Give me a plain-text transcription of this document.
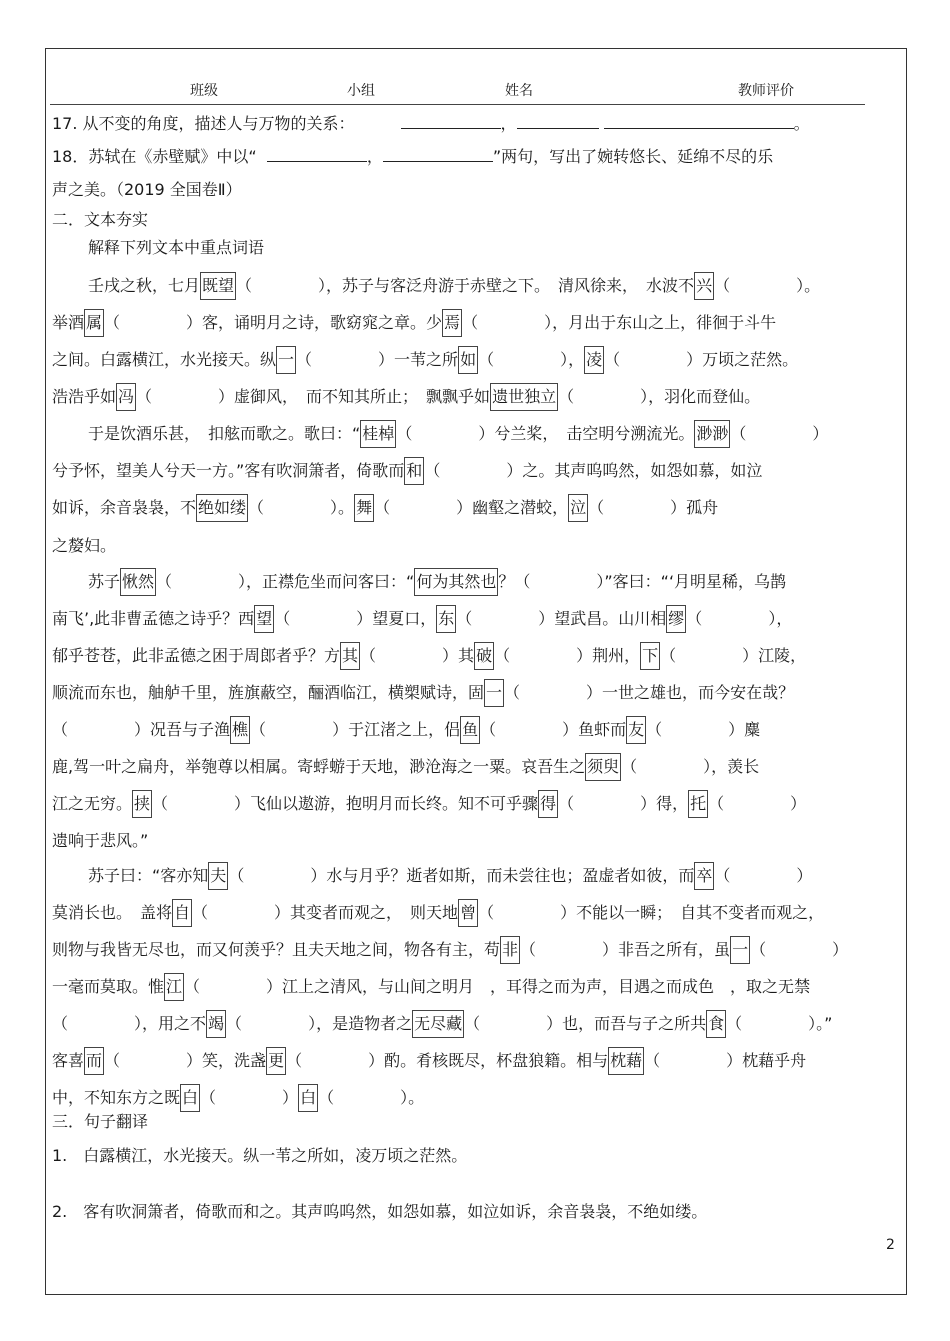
班级	小组	姓名	教师评价
17. 从不变的角度，描述人与万物的关系：	，	。
18．苏轼在《赤壁赋》中以“	，	”两句，写出了婉转悠长、延绵不尽的乐
声之美。（2019 全国卷Ⅱ）
二．文本夯实
解释下列文本中重点词语
壬戌之秋，七月 既望 （	），苏子与客泛舟游于赤壁之下。　清风徐来，　水波不 兴 （	）。
举酒 属 （	）客，诵明月之诗，歌窈窕之章。少 焉 （	），月出于东山之上，徘徊于斗牛
之间。白露横江，水光接天。纵 一 （	）一苇之所 如 （	）， 凌 （	）万顷之茫然。
浩浩乎如 冯 （	）虚御风，　而不知其所止；　飘飘乎如 遗世独立 （	），羽化而登仙。
于是饮酒乐甚，　扣舷而歌之。歌曰：“ 桂棹 （	）兮兰桨，　击空明兮溯流光。 渺渺 （	）
兮予怀，望美人兮天一方。”客有吹洞箫者，倚歌而 和 （	）之。其声呜呜然，如怨如慕，如泣
如诉，余音袅袅，不 绝如缕 （	）。 舞 （	）幽壑之潜蛟， 泣 （	）孤舟
之嫠妇。
苏子 愀然 （	），正襟危坐而问客曰：“ 何为其然也 ？（	）”客曰：“‘月明星稀，乌鹊
南飞’,此非曹孟德之诗乎？西 望 （	）望夏口， 东 （	）望武昌。山川相 缪 （	），
郁乎苍苍，此非孟德之困于周郎者乎？方 其 （	）其 破 （	）荆州， 下 （	）江陵，
顺流而东也，舳舻千里，旌旗蔽空，酾酒临江，横槊赋诗，固 一 （	）一世之雄也，而今安在哉？
（	）况吾与子渔 樵 （	）于江渚之上，侣 鱼 （	）鱼虾而 友 （	）麋
鹿,驾一叶之扁舟，举匏尊以相属。寄蜉蝣于天地，渺沧海之一粟。哀吾生之 须臾 （	），羡长
江之无穷。 挟 （	）飞仙以遨游，抱明月而长终。知不可乎骤 得 （	）得， 托 （	）
遗响于悲风。”
苏子曰：“客亦知 夫 （	）水与月乎？逝者如斯，而未尝往也；盈虚者如彼，而 卒 （	）
莫消长也。　盖将 自 （	）其变者而观之，　则天地 曾 （	）不能以一瞬；　自其不变者而观之，
则物与我皆无尽也，而又何羡乎？且夫天地之间，物各有主，苟 非 （	）非吾之所有，虽 一 （	）
一毫而莫取。惟 江 （	）江上之清风，与山间之明月　，耳得之而为声，目遇之而成色　，取之无禁
（	），用之不 竭 （	），是造物者之 无尽藏 （	）也，而吾与子之所共 食 （	）。”
客喜 而 （	）笑，洗盏 更 （	）酌。肴核既尽，杯盘狼籍。相与 枕藉 （	）枕藉乎舟
中，不知东方之既 白 （	） 白 （	）。
三．句子翻译
1.　白露横江，水光接天。纵一苇之所如，凌万顷之茫然。
2.　客有吹洞箫者，倚歌而和之。其声呜呜然，如怨如慕，如泣如诉，余音袅袅，不绝如缕。
2
